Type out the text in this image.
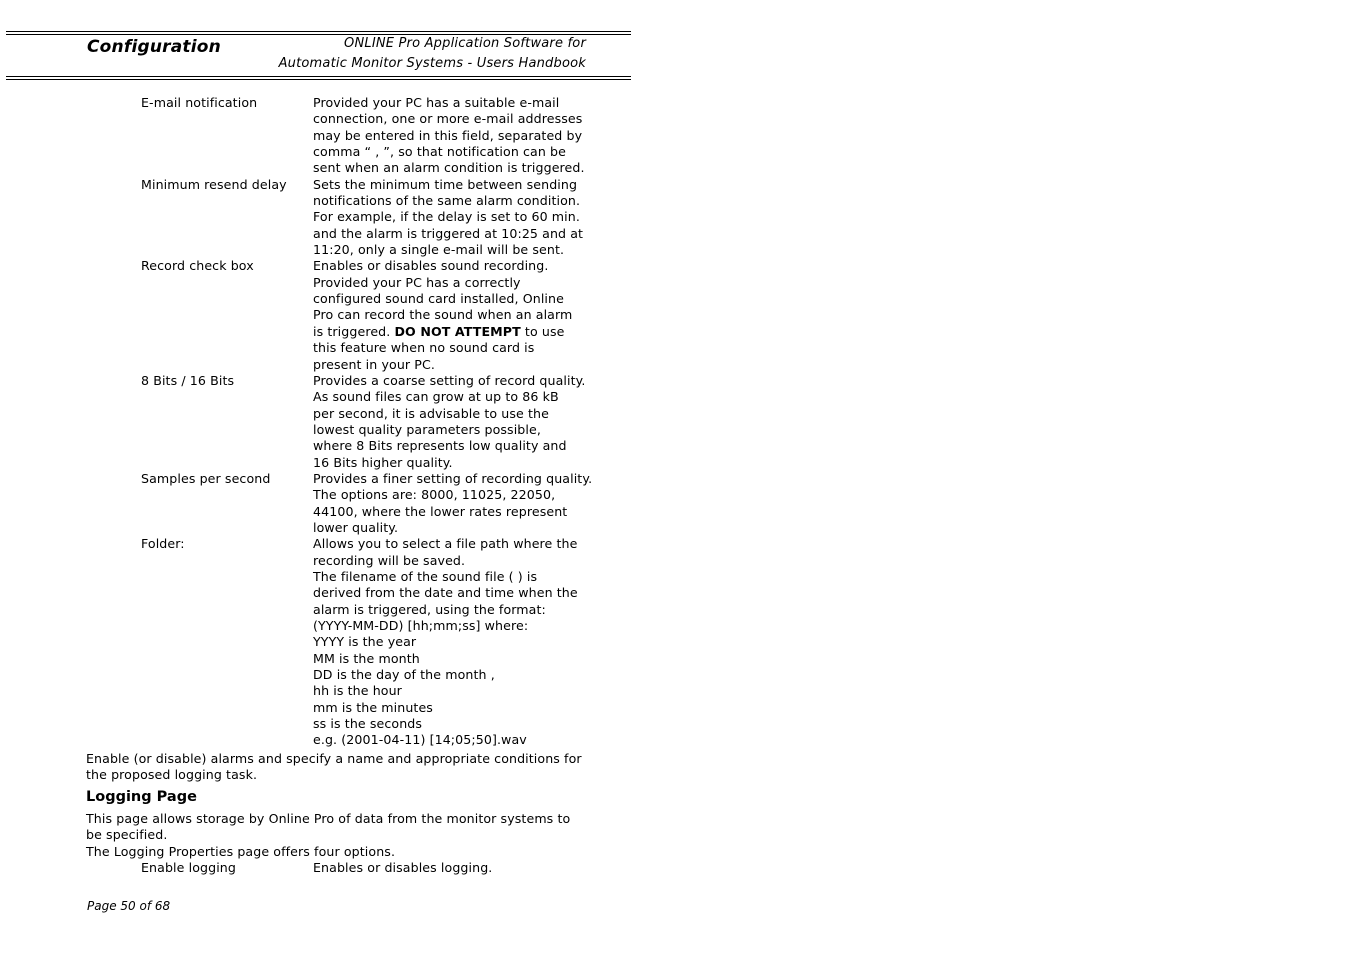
Configuration	ONLINE Pro Application Software for
Automatic Monitor Systems - Users Handbook
E-mail notification	Provided your PC has a suitable e-mail
connection, one or more e-mail addresses
may be entered in this field, separated by
comma “ , ”, so that notification can be
sent when an alarm condition is triggered.
Minimum resend delay	Sets the minimum time between sending
notifications of the same alarm condition.
For example, if the delay is set to 60 min.
and the alarm is triggered at 10:25 and at
11:20, only a single e-mail will be sent.
Record check box	Enables or disables sound recording.
Provided your PC has a correctly
configured sound card installed, Online
Pro can record the sound when an alarm
is triggered. DO NOT ATTEMPT to use
this feature when no sound card is
present in your PC.
8 Bits / 16 Bits	Provides a coarse setting of record quality.
As sound files can grow at up to 86 kB
per second, it is advisable to use the
lowest quality parameters possible,
where 8 Bits represents low quality and
16 Bits higher quality.
Samples per second	Provides a finer setting of recording quality.
The options are: 8000, 11025, 22050,
44100, where the lower rates represent
lower quality.
Folder:	Allows you to select a file path where the
recording will be saved.
The filename of the sound file ( ) is
derived from the date and time when the
alarm is triggered, using the format:
(YYYY-MM-DD) [hh;mm;ss] where:
YYYY is the year
MM is the month
DD is the day of the month ,
hh is the hour
mm is the minutes
ss is the seconds
e.g. (2001-04-11) [14;05;50].wav
Enable (or disable) alarms and specify a name and appropriate conditions for
the proposed logging task.
Logging Page
This page allows storage by Online Pro of data from the monitor systems to
be specified.
The Logging Properties page offers four options.
Enable logging	Enables or disables logging.
Page 50 of 68
